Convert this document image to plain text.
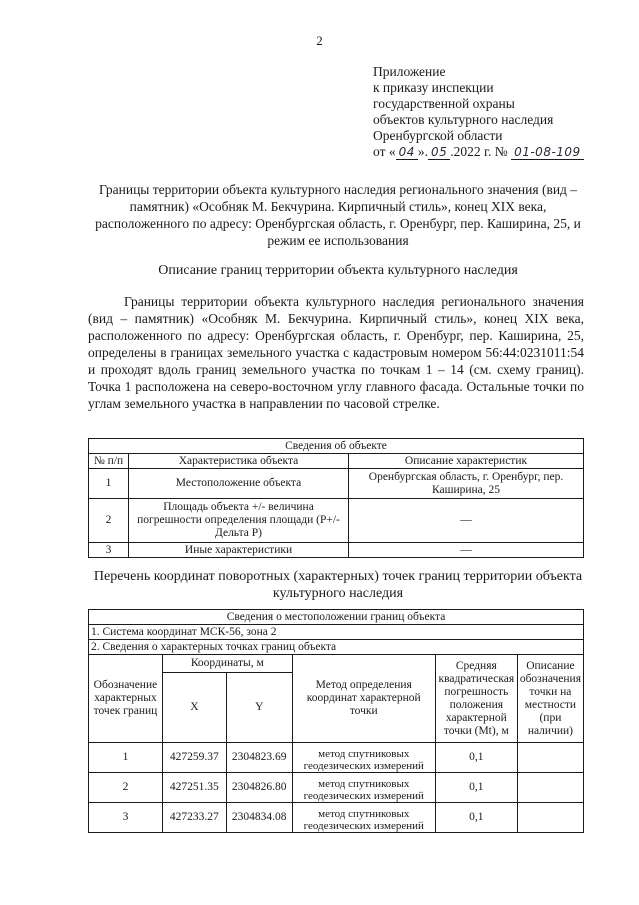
2
Приложение
к приказу инспекции
государственной охраны
объектов культурного наследия
Оренбургской области
от « 04 ». 05 .2022 г. № 01-08-109
Границы территории объекта культурного наследия регионального значения (вид – памятник) «Особняк М. Бекчурина. Кирпичный стиль», конец XIX века, расположенного по адресу: Оренбургская область, г. Оренбург, пер. Каширина, 25, и режим ее использования
Описание границ территории объекта культурного наследия
Границы территории объекта культурного наследия регионального значения (вид – памятник) «Особняк М. Бекчурина. Кирпичный стиль», конец XIX века, расположенного по адресу: Оренбургская область, г. Оренбург, пер. Каширина, 25, определены в границах земельного участка с кадастровым номером 56:44:0231011:54 и проходят вдоль границ земельного участка по точкам 1 – 14 (см. схему границ). Точка 1 расположена на северо-восточном углу главного фасада. Остальные точки по углам земельного участка в направлении по часовой стрелке.
Сведения об объекте		
№ п/п	Характеристика объекта	Описание характеристик
1	Местоположение объекта	Оренбургская область, г. Оренбург, пер. Каширина, 25
2	Площадь объекта +/- величина погрешности определения площади (Р+/- Дельта Р)	—
3	Иные характеристики	—
Перечень координат поворотных (характерных) точек границ территории объекта культурного наследия
Сведения о местоположении границ объекта					
1. Система координат МСК-56, зона 2					
2. Сведения о характерных точках границ объекта					
Обозначение характерных точек границ	Координаты, м		Метод определения координат характерной точки	Средняя квадратическая погрешность положения характерной точки (Mt), м	Описание обозначения точки на местности (при наличии)
	X	Y			
1	427259.37	2304823.69	метод спутниковых геодезических измерений	0,1	
2	427251.35	2304826.80	метод спутниковых геодезических измерений	0,1	
3	427233.27	2304834.08	метод спутниковых геодезических измерений	0,1	
